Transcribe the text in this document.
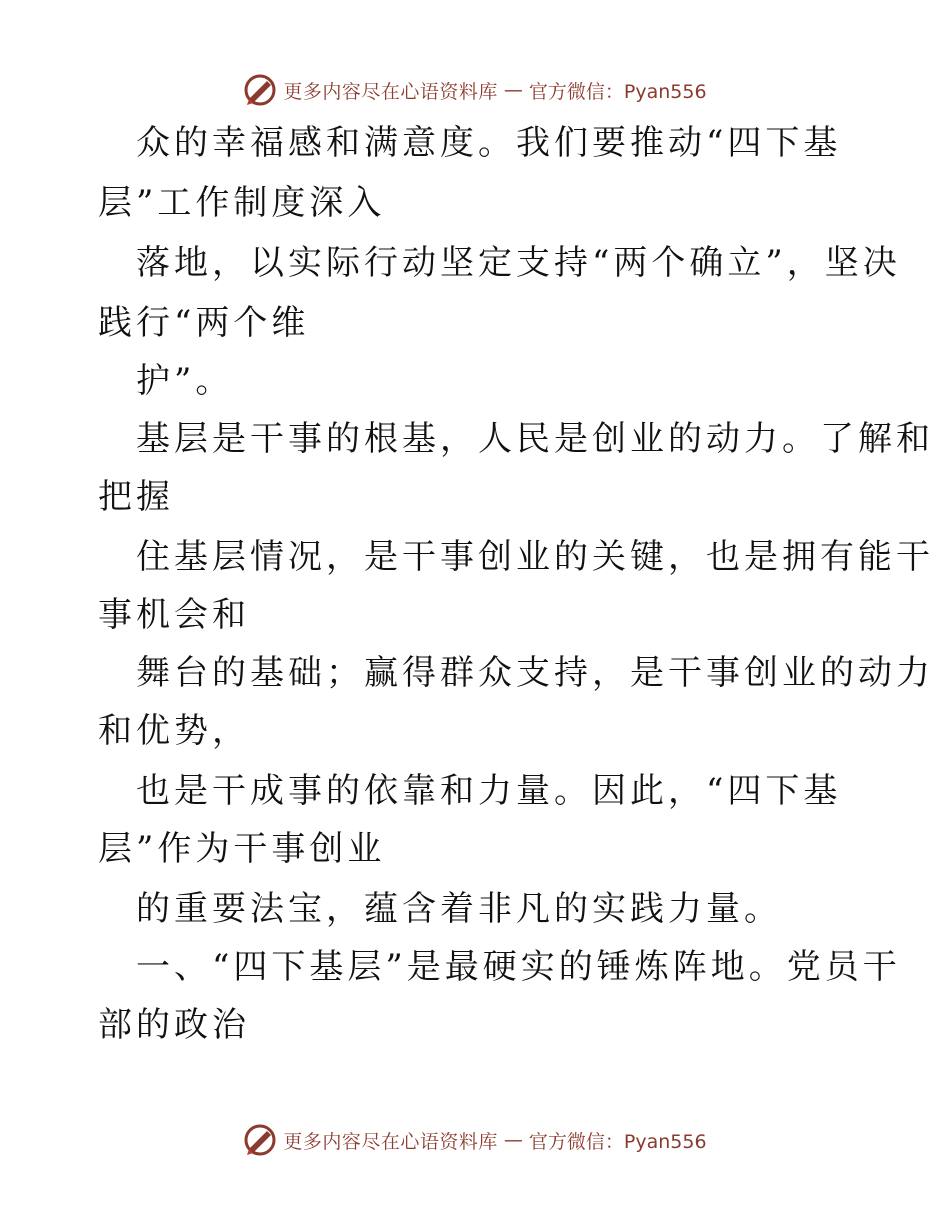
更多内容尽在心语资料库 — 官方微信：Pyan556
众的幸福感和满意度。我们要推动“四下基
层”工作制度深入
落地，以实际行动坚定支持“两个确立”，坚决
践行“两个维
护”。
基层是干事的根基，人民是创业的动力。了解和
把握
住基层情况，是干事创业的关键，也是拥有能干
事机会和
舞台的基础；赢得群众支持，是干事创业的动力
和优势，
也是干成事的依靠和力量。因此，“四下基
层”作为干事创业
的重要法宝，蕴含着非凡的实践力量。
一、“四下基层”是最硬实的锤炼阵地。党员干
部的政治
更多内容尽在心语资料库 — 官方微信：Pyan556
